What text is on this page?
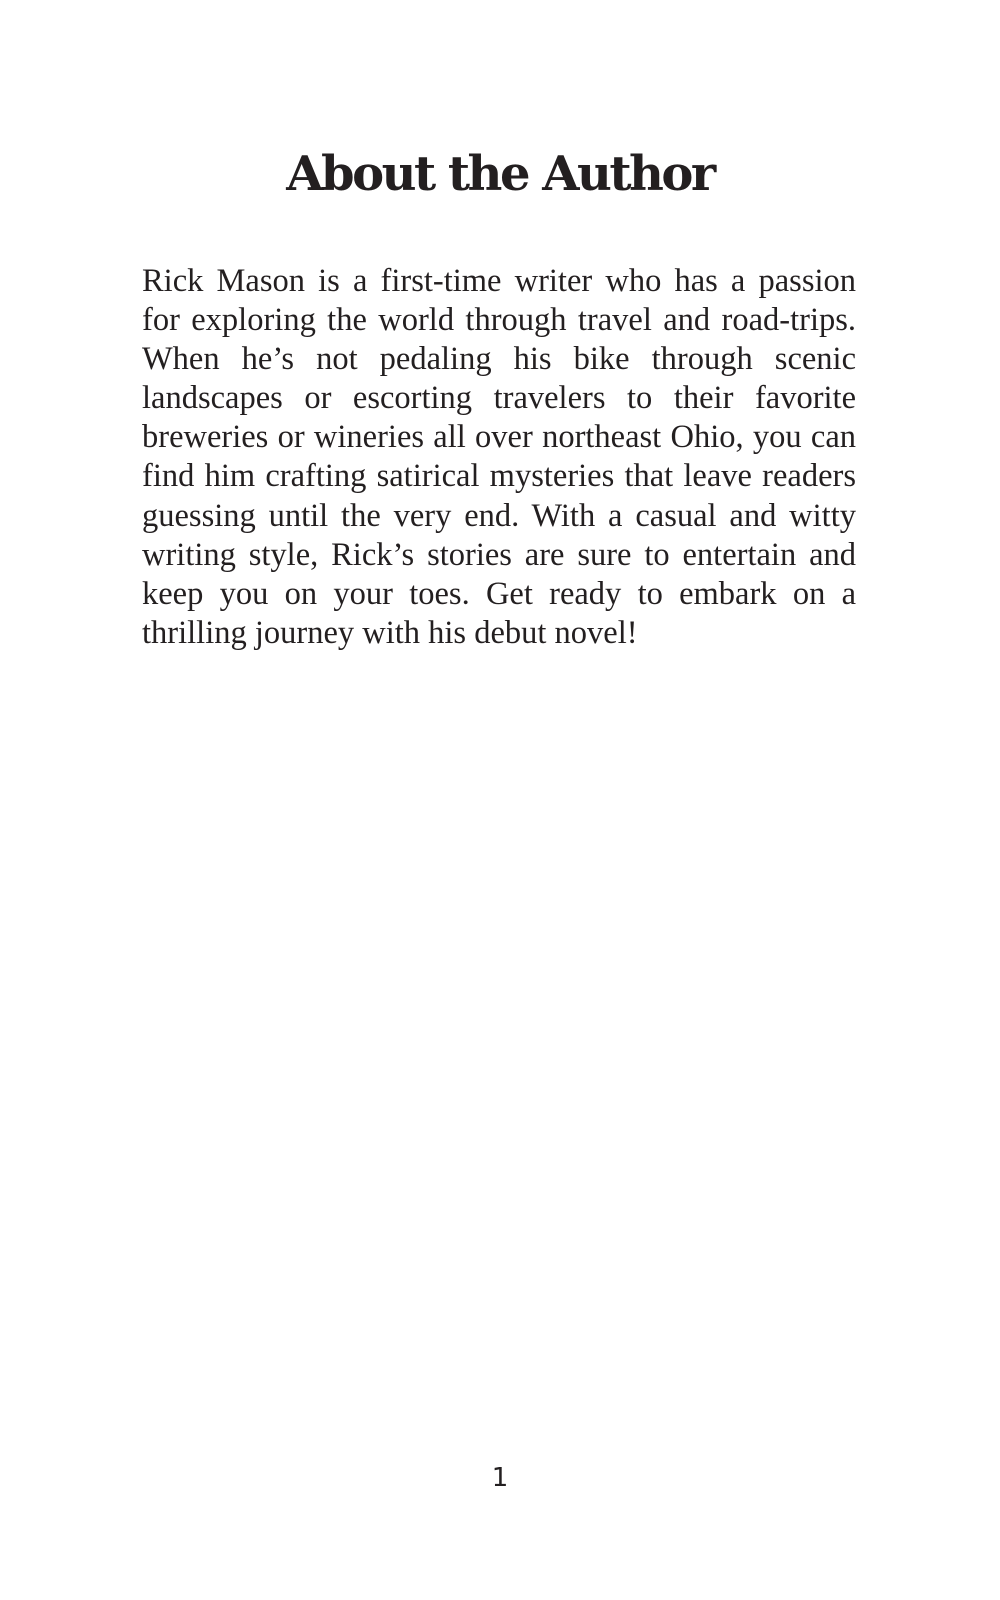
About the Author
Rick Mason is a first-time writer who has a passion
for exploring the world through travel and road-trips.
When he’s not pedaling his bike through scenic
landscapes or escorting travelers to their favorite
breweries or wineries all over northeast Ohio, you can
find him crafting satirical mysteries that leave readers
guessing until the very end. With a casual and witty
writing style, Rick’s stories are sure to entertain and
keep you on your toes. Get ready to embark on a
thrilling journey with his debut novel!
1
